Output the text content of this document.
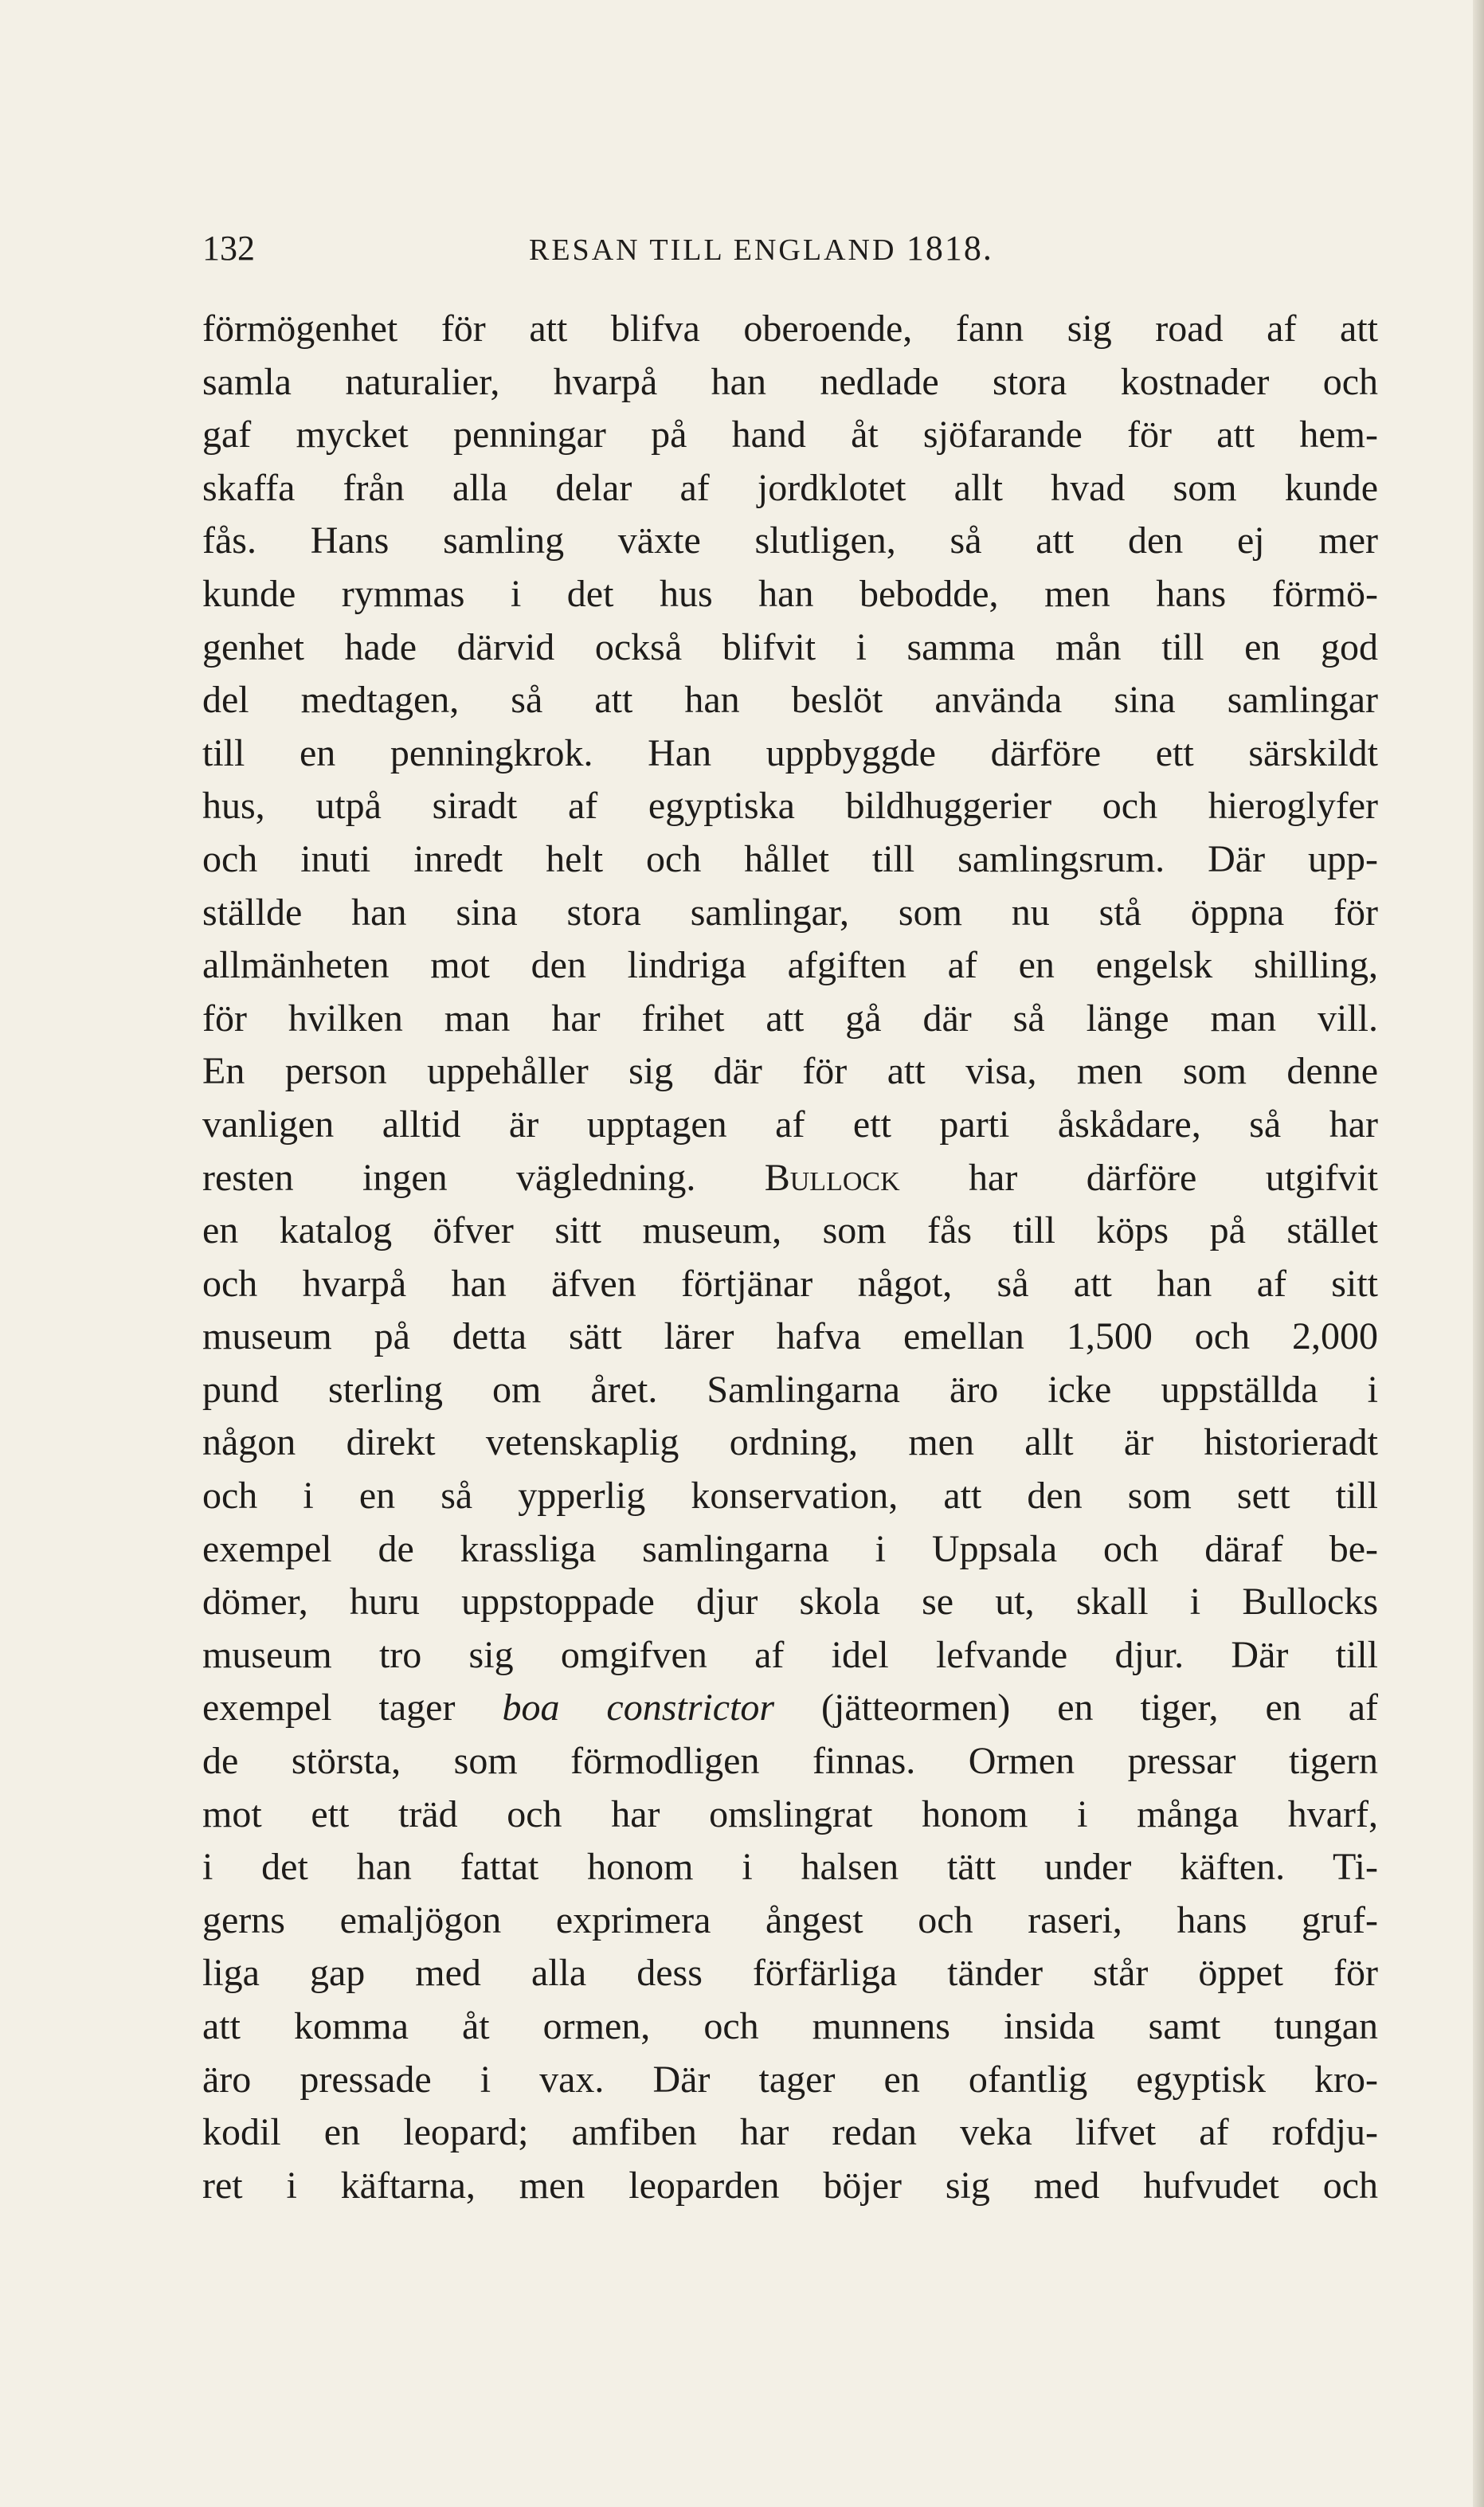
132	RESAN TILL ENGLAND 1818.
förmögenhet för att blifva oberoende, fann sig road af att
samla naturalier, hvarpå han nedlade stora kostnader och
gaf mycket penningar på hand åt sjöfarande för att hem-
skaffa från alla delar af jordklotet allt hvad som kunde
fås. Hans samling växte slutligen, så att den ej mer
kunde rymmas i det hus han bebodde, men hans förmö-
genhet hade därvid också blifvit i samma mån till en god
del medtagen, så att han beslöt använda sina samlingar
till en penningkrok. Han uppbyggde därföre ett särskildt
hus, utpå siradt af egyptiska bildhuggerier och hieroglyfer
och inuti inredt helt och hållet till samlingsrum. Där upp-
ställde han sina stora samlingar, som nu stå öppna för
allmänheten mot den lindriga afgiften af en engelsk shilling,
för hvilken man har frihet att gå där så länge man vill.
En person uppehåller sig där för att visa, men som denne
vanligen alltid är upptagen af ett parti åskådare, så har
resten ingen vägledning. Bullock har därföre utgifvit
en katalog öfver sitt museum, som fås till köps på stället
och hvarpå han äfven förtjänar något, så att han af sitt
museum på detta sätt lärer hafva emellan 1,500 och 2,000
pund sterling om året. Samlingarna äro icke uppställda i
någon direkt vetenskaplig ordning, men allt är historieradt
och i en så ypperlig konservation, att den som sett till
exempel de krassliga samlingarna i Uppsala och däraf be-
dömer, huru uppstoppade djur skola se ut, skall i Bullocks
museum tro sig omgifven af idel lefvande djur. Där till
exempel tager boa constrictor (jätteormen) en tiger, en af
de största, som förmodligen finnas. Ormen pressar tigern
mot ett träd och har omslingrat honom i många hvarf,
i det han fattat honom i halsen tätt under käften. Ti-
gerns emaljögon exprimera ångest och raseri, hans gruf-
liga gap med alla dess förfärliga tänder står öppet för
att komma åt ormen, och munnens insida samt tungan
äro pressade i vax. Där tager en ofantlig egyptisk kro-
kodil en leopard; amfiben har redan veka lifvet af rofdju-
ret i käftarna, men leoparden böjer sig med hufvudet och
